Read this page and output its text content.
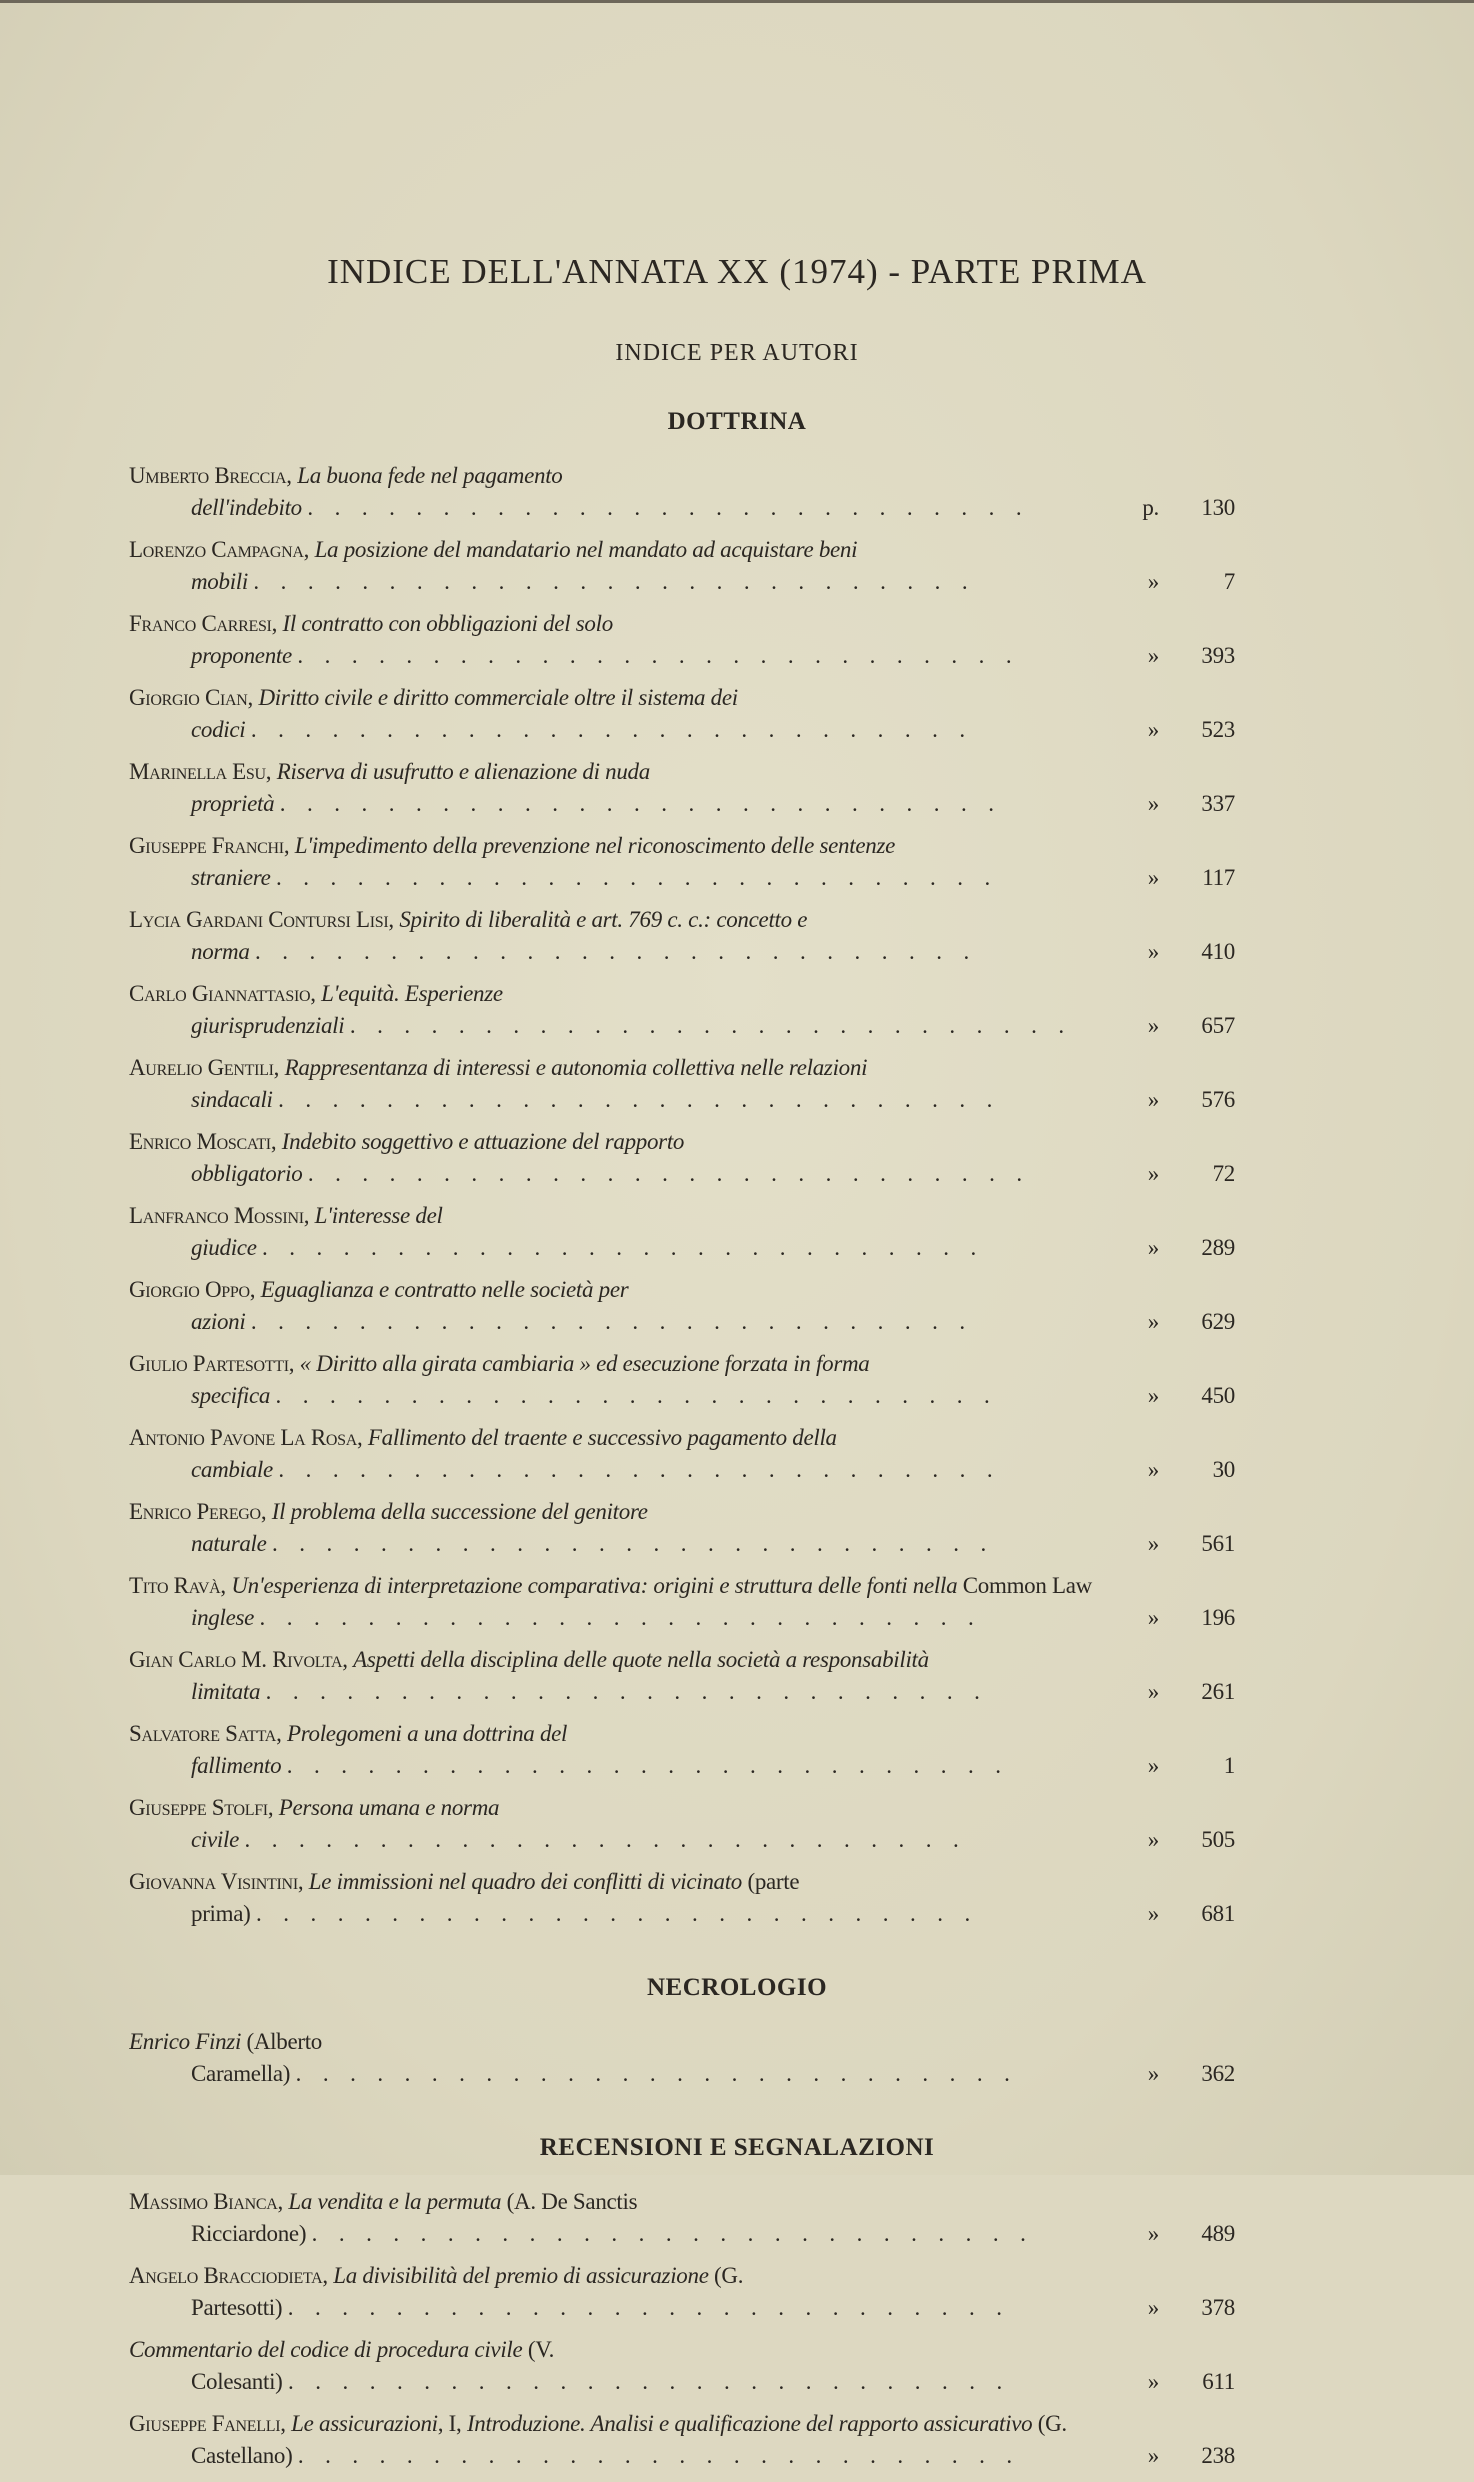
INDICE DELL'ANNATA XX (1974) - PARTE PRIMA
INDICE PER AUTORI
DOTTRINA
Umberto Breccia, La buona fede nel pagamento dell'indebito .	p.	130
Lorenzo Campagna, La posizione del mandatario nel mandato ad acquistare beni mobili .	»	7
Franco Carresi, Il contratto con obbligazioni del solo proponente .	»	393
Giorgio Cian, Diritto civile e diritto commerciale oltre il sistema dei codici .	»	523
Marinella Esu, Riserva di usufrutto e alienazione di nuda proprietà .	»	337
Giuseppe Franchi, L'impedimento della prevenzione nel riconoscimento delle sentenze straniere .	»	117
Lycia Gardani Contursi Lisi, Spirito di liberalità e art. 769 c. c.: concetto e norma .	»	410
Carlo Giannattasio, L'equità. Esperienze giurisprudenziali .	»	657
Aurelio Gentili, Rappresentanza di interessi e autonomia collettiva nelle relazioni sindacali .	»	576
Enrico Moscati, Indebito soggettivo e attuazione del rapporto obbligatorio .	»	72
Lanfranco Mossini, L'interesse del giudice .	»	289
Giorgio Oppo, Eguaglianza e contratto nelle società per azioni .	»	629
Giulio Partesotti, « Diritto alla girata cambiaria » ed esecuzione forzata in forma specifica .	»	450
Antonio Pavone La Rosa, Fallimento del traente e successivo pagamento della cambiale .	»	30
Enrico Perego, Il problema della successione del genitore naturale .	»	561
Tito Ravà, Un'esperienza di interpretazione comparativa: origini e struttura delle fonti nella Common Law inglese .	»	196
Gian Carlo M. Rivolta, Aspetti della disciplina delle quote nella società a responsabilità limitata .	»	261
Salvatore Satta, Prolegomeni a una dottrina del fallimento .	»	1
Giuseppe Stolfi, Persona umana e norma civile .	»	505
Giovanna Visintini, Le immissioni nel quadro dei conflitti di vicinato (parte prima) .	»	681
NECROLOGIO
Enrico Finzi (Alberto Caramella) .	»	362
RECENSIONI E SEGNALAZIONI
Massimo Bianca, La vendita e la permuta (A. De Sanctis Ricciardone) .	»	489
Angelo Bracciodieta, La divisibilità del premio di assicurazione (G. Partesotti) .	»	378
Commentario del codice di procedura civile (V. Colesanti) .	»	611
Giuseppe Fanelli, Le assicurazioni, I, Introduzione. Analisi e qualificazione del rapporto assicurativo (G. Castellano) .	»	238
